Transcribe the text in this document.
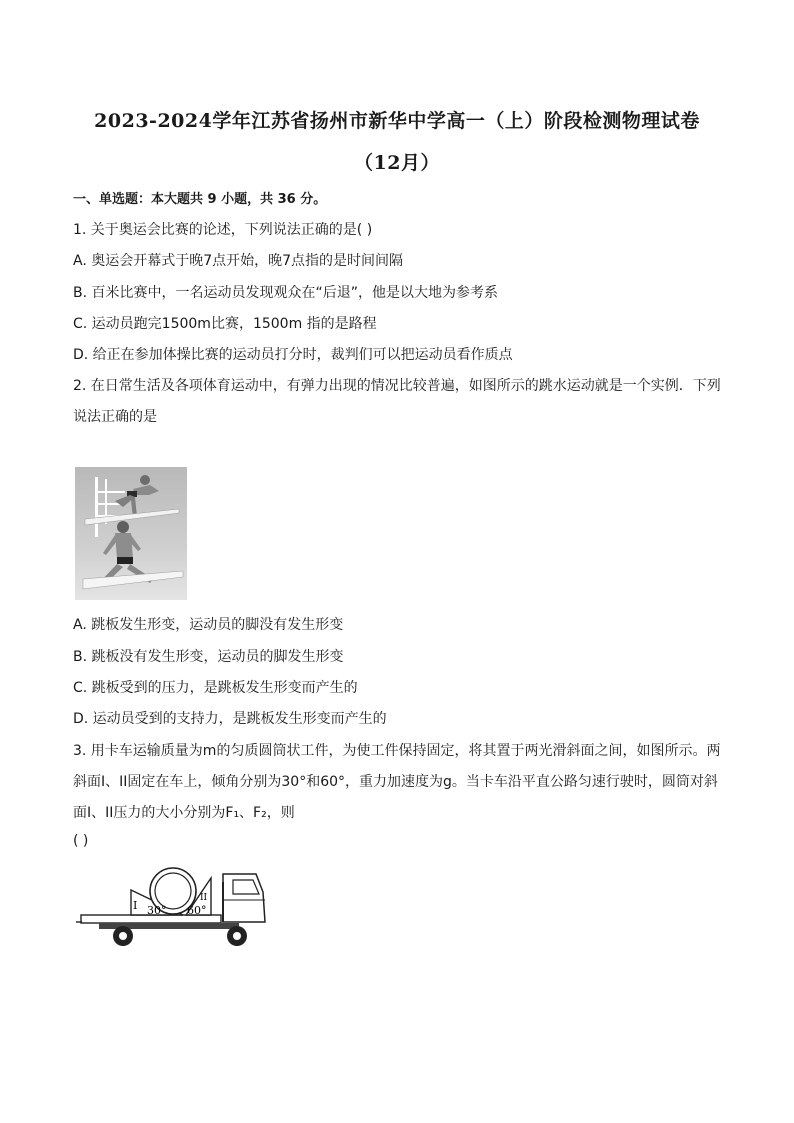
2023-2024学年江苏省扬州市新华中学高一（上）阶段检测物理试卷
（12月）
一、单选题：本大题共 9 小题，共 36 分。
1. 关于奥运会比赛的论述，下列说法正确的是( )
A. 奥运会开幕式于晚7点开始，晚7点指的是时间间隔
B. 百米比赛中，一名运动员发现观众在“后退”，他是以大地为参考系
C. 运动员跑完1500m比赛，1500m 指的是路程
D. 给正在参加体操比赛的运动员打分时，裁判们可以把运动员看作质点
2. 在日常生活及各项体育运动中，有弹力出现的情况比较普遍，如图所示的跳水运动就是一个实例．下列
说法正确的是
A. 跳板发生形变，运动员的脚没有发生形变
B. 跳板没有发生形变，运动员的脚发生形变
C. 跳板受到的压力，是跳板发生形变而产生的
D. 运动员受到的支持力，是跳板发生形变而产生的
3. 用卡车运输质量为m的匀质圆筒状工件，为使工件保持固定，将其置于两光滑斜面之间，如图所示。两
斜面I、II固定在车上，倾角分别为30°和60°，重力加速度为g。当卡车沿平直公路匀速行驶时，圆筒对斜
面I、II压力的大小分别为F₁、F₂，则
( )
I
II
30° 60°
